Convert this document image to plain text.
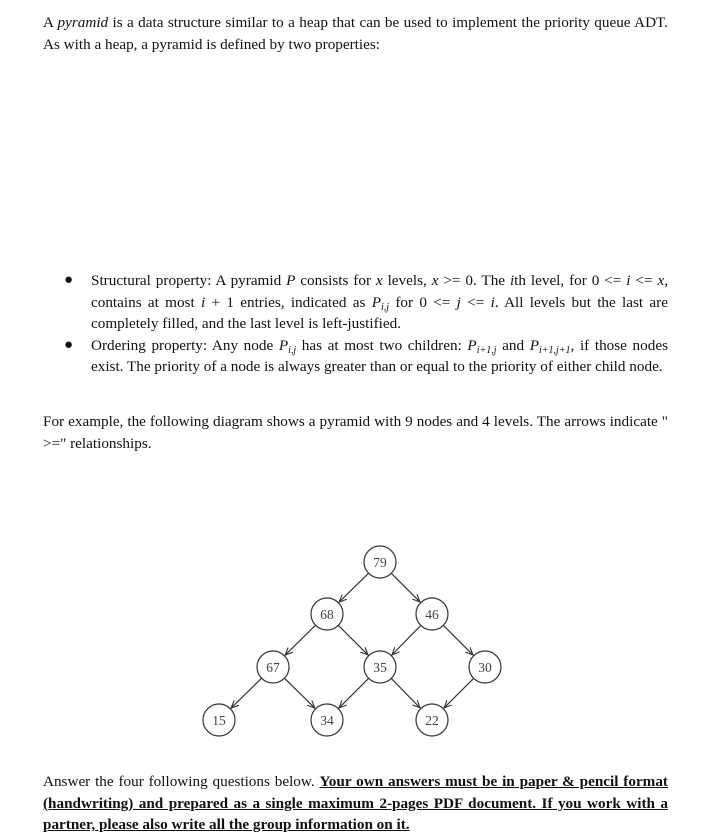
A pyramid is a data structure similar to a heap that can be used to implement the priority queue ADT. As with a heap, a pyramid is defined by two properties:

● Structural property: A pyramid P consists for x levels, x >= 0. The ith level, for 0 <= i <= x, contains at most i + 1 entries, indicated as $P_{i,j}$ for 0 <= j <= i. All levels but the last are completely filled, and the last level is left-justified.
● Ordering property: Any node $P_{i,j}$ has at most two children: $P_{i+1,j}$ and $P_{i+1,j+1}$, if those nodes exist. The priority of a node is always greater than or equal to the priority of either child node.

For example, the following diagram shows a pyramid with 9 nodes and 4 levels. The arrows indicate " >=" relationships.

79
68	46
67	35	30
15	34	22

Answer the four following questions below. Your own answers must be in paper & pencil format (handwriting) and prepared as a single maximum 2-pages PDF document. If you work with a partner, please also write all the group information on it.
